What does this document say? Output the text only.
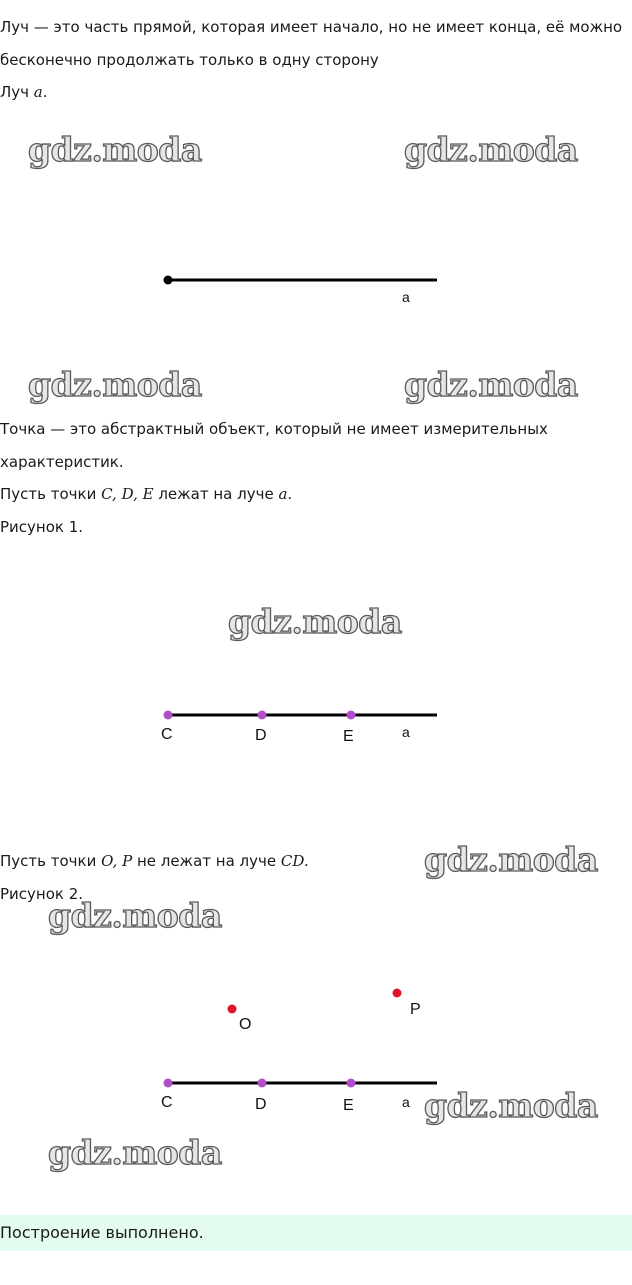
Луч — это часть прямой, которая имеет начало, но не имеет конца, её можно
бесконечно продолжать только в одну сторону
Луч a.
gdz.moda	gdz.moda
a
gdz.moda	gdz.moda
Точка — это абстрактный объект, который не имеет измерительных
характеристик.
Пусть точки C, D, E лежат на луче a.
Рисунок 1.
gdz.moda
C	D	E	a
Пусть точки O, P не лежат на луче CD.	gdz.moda
Рисунок 2.
gdz.moda
O
P
C	D	E	a gdz.moda
gdz.moda
Построение выполнено.
